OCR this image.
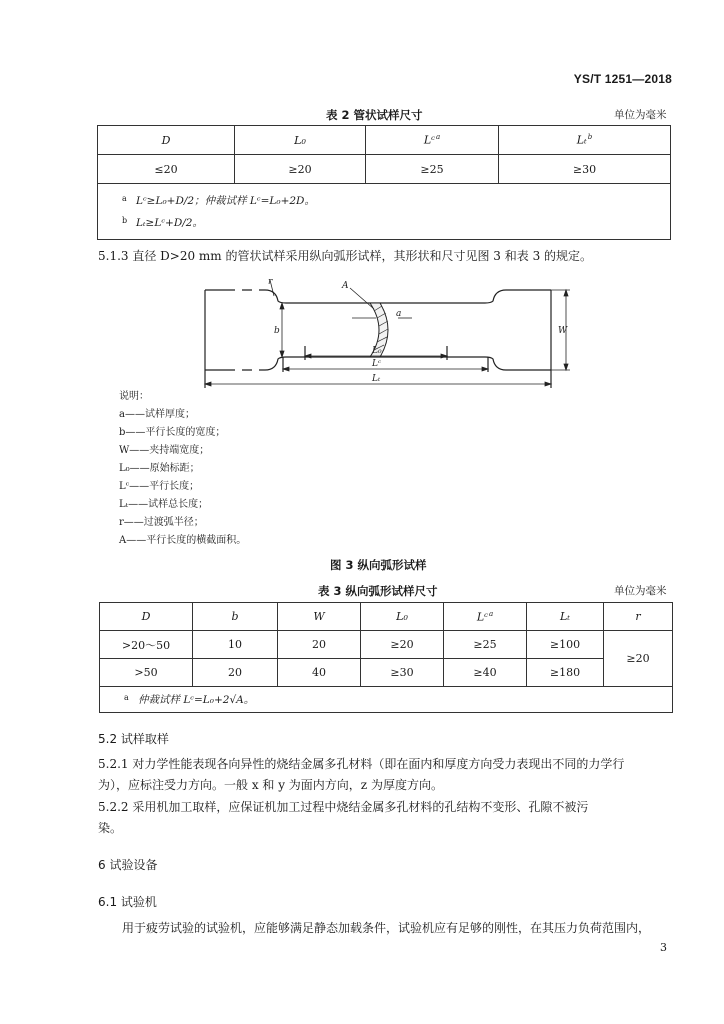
YS/T 1251—2018
表 2 管状试样尺寸	单位为毫米
D	L₀	Lᶜ$^a$	Lₜ$^b$
≤20	≥20	≥25	≥30

a Lᶜ≥L₀+D/2；仲裁试样 Lᶜ=L₀+2D。
b Lₜ≥Lᶜ+D/2。			
5.1.3 直径 D>20 mm 的管状试样采用纵向弧形试样，其形状和尺寸见图 3 和表 3 的规定。
r	A
a
b	W
L₀
Lᶜ
Lₜ
说明：
a——试样厚度；
b——平行长度的宽度；
W——夹持端宽度；
L₀——原始标距；
Lᶜ——平行长度；
Lₜ——试样总长度；
r——过渡弧半径；
A——平行长度的横截面积。
图 3 纵向弧形试样
表 3 纵向弧形试样尺寸	单位为毫米
D	b	W	L₀	Lᶜ$^a$	Lₜ	r
>20～50	10	20	≥20	≥25	≥100	≥20
>50	20	40	≥30	≥40	≥180	
a 仲裁试样 Lᶜ=L₀+2√A。						
5.2 试样取样
5.2.1 对力学性能表现各向异性的烧结金属多孔材料（即在面内和厚度方向受力表现出不同的力学行
为），应标注受力方向。一般 x 和 y 为面内方向，z 为厚度方向。
5.2.2 采用机加工取样，应保证机加工过程中烧结金属多孔材料的孔结构不变形、孔隙不被污
染。
6 试验设备
6.1 试验机
用于疲劳试验的试验机，应能够满足静态加载条件，试验机应有足够的刚性，在其压力负荷范围内，
3
